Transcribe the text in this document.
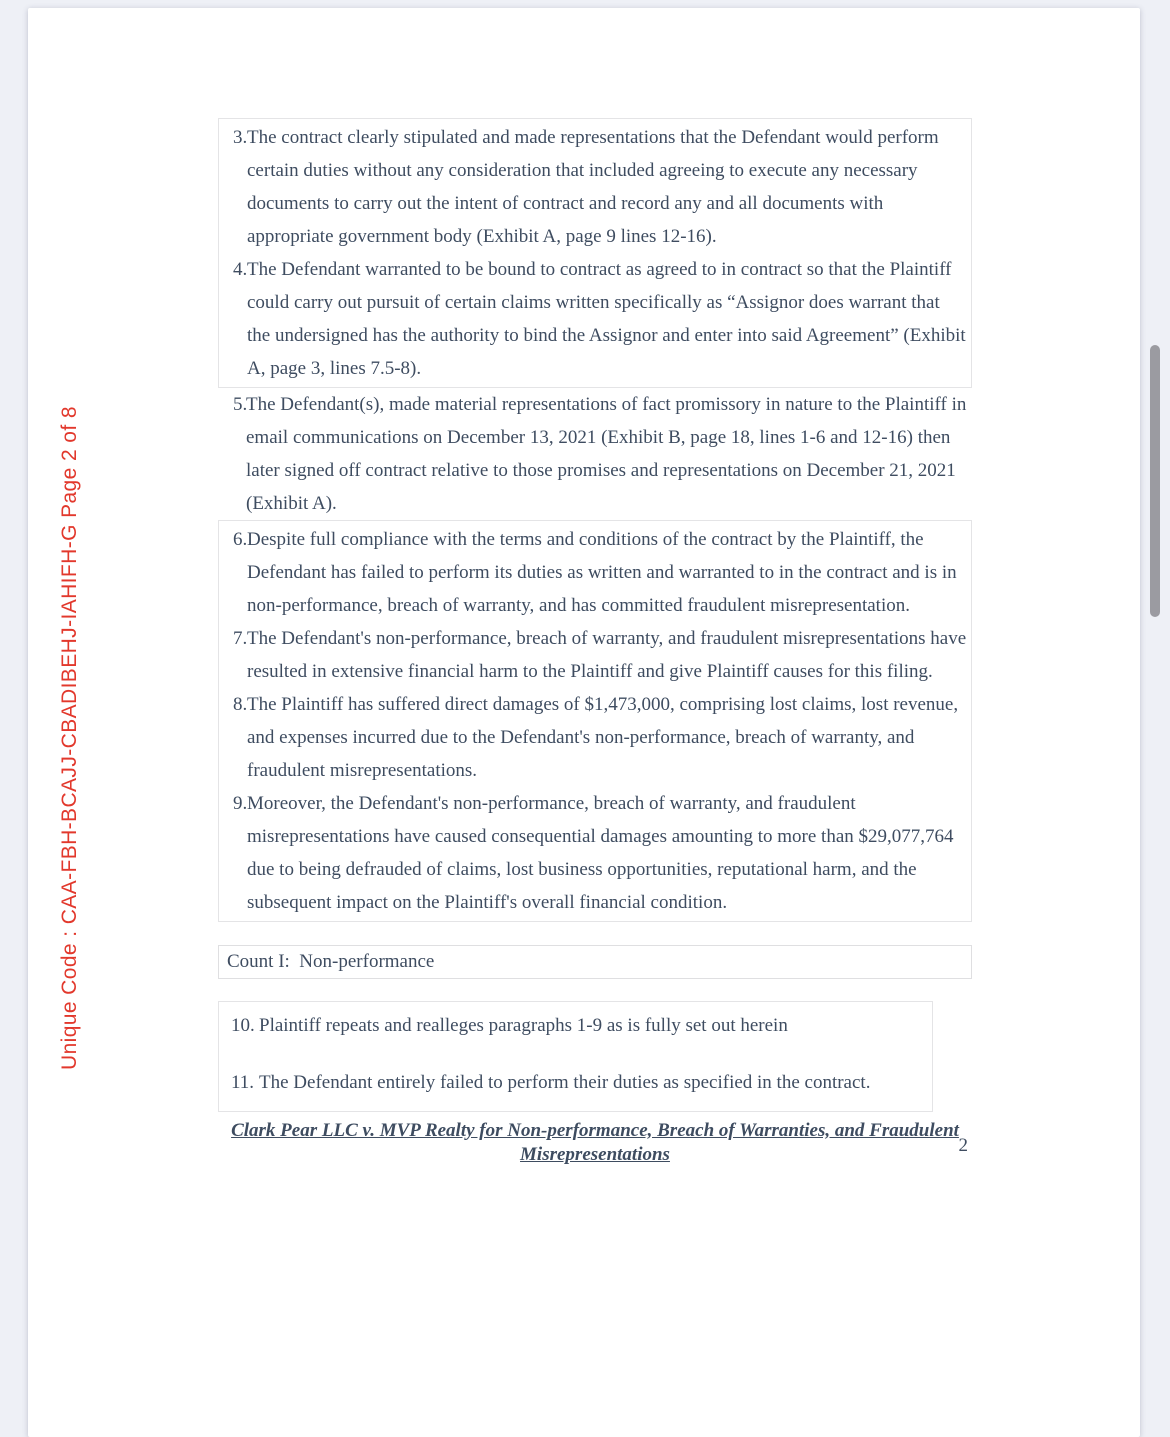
Unique Code : CAA-FBH-BCAJJ-CBADIBEHJ-IAHIFH-G Page 2 of 8
3. The contract clearly stipulated and made representations that the Defendant would perform certain duties without any consideration that included agreeing to execute any necessary documents to carry out the intent of contract and record any and all documents with appropriate government body (Exhibit A, page 9 lines 12-16).
4. The Defendant warranted to be bound to contract as agreed to in contract so that the Plaintiff could carry out pursuit of certain claims written specifically as “Assignor does warrant that the undersigned has the authority to bind the Assignor and enter into said Agreement” (Exhibit A, page 3, lines 7.5-8).
5.
The Defendant(s), made material representations of fact promissory in nature to the Plaintiff in email communications on December 13, 2021 (Exhibit B, page 18, lines 1-6 and 12-16) then later signed off contract relative to those promises and representations on December 21, 2021 (Exhibit A).
6. Despite full compliance with the terms and conditions of the contract by the Plaintiff, the Defendant has failed to perform its duties as written and warranted to in the contract and is in non-performance, breach of warranty, and has committed fraudulent misrepresentation.
7. The Defendant's non-performance, breach of warranty, and fraudulent misrepresentations have resulted in extensive financial harm to the Plaintiff and give Plaintiff causes for this filing.
8. The Plaintiff has suffered direct damages of $1,473,000, comprising lost claims, lost revenue, and expenses incurred due to the Defendant's non-performance, breach of warranty, and fraudulent misrepresentations.
9. Moreover, the Defendant's non-performance, breach of warranty, and fraudulent misrepresentations have caused consequential damages amounting to more than $29,077,764 due to being defrauded of claims, lost business opportunities, reputational harm, and the subsequent impact on the Plaintiff's overall financial condition.
Count I:  Non-performance
10. Plaintiff repeats and realleges paragraphs 1-9 as is fully set out herein
11. The Defendant entirely failed to perform their duties as specified in the contract.
Clark Pear LLC v. MVP Realty for Non-performance, Breach of Warranties, and Fraudulent Misrepresentations	2
